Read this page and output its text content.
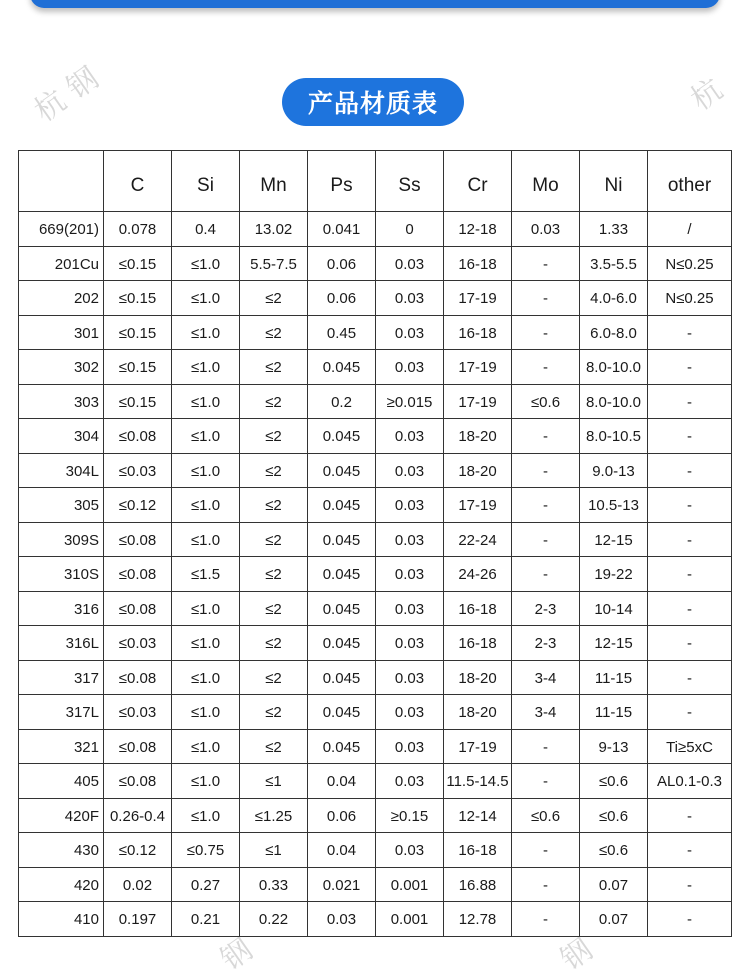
杭 钢	杭
钢	钢
产品材质表
	C	Si	Mn	Ps	Ss	Cr	Mo	Ni	other
669(201)	0.078	0.4	13.02	0.041	0	12-18	0.03	1.33	/
201Cu	≤0.15	≤1.0	5.5-7.5	0.06	0.03	16-18	-	3.5-5.5	N≤0.25
202	≤0.15	≤1.0	≤2	0.06	0.03	17-19	-	4.0-6.0	N≤0.25
301	≤0.15	≤1.0	≤2	0.45	0.03	16-18	-	6.0-8.0	-
302	≤0.15	≤1.0	≤2	0.045	0.03	17-19	-	8.0-10.0	-
303	≤0.15	≤1.0	≤2	0.2	≥0.015	17-19	≤0.6	8.0-10.0	-
304	≤0.08	≤1.0	≤2	0.045	0.03	18-20	-	8.0-10.5	-
304L	≤0.03	≤1.0	≤2	0.045	0.03	18-20	-	9.0-13	-
305	≤0.12	≤1.0	≤2	0.045	0.03	17-19	-	10.5-13	-
309S	≤0.08	≤1.0	≤2	0.045	0.03	22-24	-	12-15	-
310S	≤0.08	≤1.5	≤2	0.045	0.03	24-26	-	19-22	-
316	≤0.08	≤1.0	≤2	0.045	0.03	16-18	2-3	10-14	-
316L	≤0.03	≤1.0	≤2	0.045	0.03	16-18	2-3	12-15	-
317	≤0.08	≤1.0	≤2	0.045	0.03	18-20	3-4	11-15	-
317L	≤0.03	≤1.0	≤2	0.045	0.03	18-20	3-4	11-15	-
321	≤0.08	≤1.0	≤2	0.045	0.03	17-19	-	9-13	Ti≥5xC
405	≤0.08	≤1.0	≤1	0.04	0.03	11.5-14.5	-	≤0.6	AL0.1-0.3
420F	0.26-0.4	≤1.0	≤1.25	0.06	≥0.15	12-14	≤0.6	≤0.6	-
430	≤0.12	≤0.75	≤1	0.04	0.03	16-18	-	≤0.6	-
420	0.02	0.27	0.33	0.021	0.001	16.88	-	0.07	-
410	0.197	0.21	0.22	0.03	0.001	12.78	-	0.07	-
